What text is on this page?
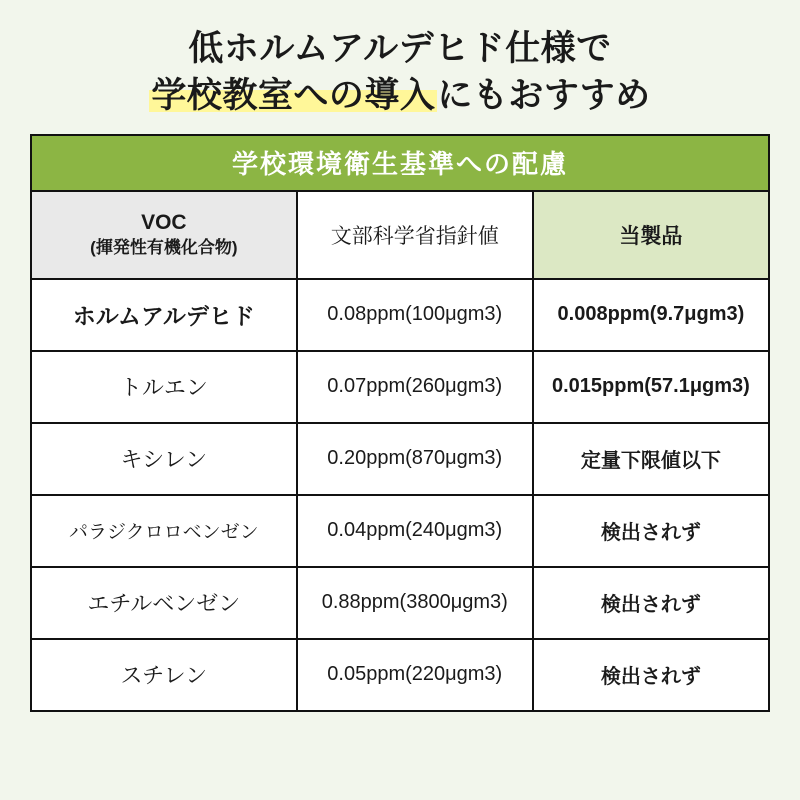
低ホルムアルデヒド仕様で
学校教室への導入にもおすすめ
学校環境衛生基準への配慮		
VOC
(揮発性有機化合物)	文部科学省指針値	当製品
ホルムアルデヒド	0.08ppm(100μgm3)	0.008ppm(9.7μgm3)
トルエン	0.07ppm(260μgm3)	0.015ppm(57.1μgm3)
キシレン	0.20ppm(870μgm3)	定量下限値以下
パラジクロロベンゼン	0.04ppm(240μgm3)	検出されず
エチルベンゼン	0.88ppm(3800μgm3)	検出されず
スチレン	0.05ppm(220μgm3)	検出されず
